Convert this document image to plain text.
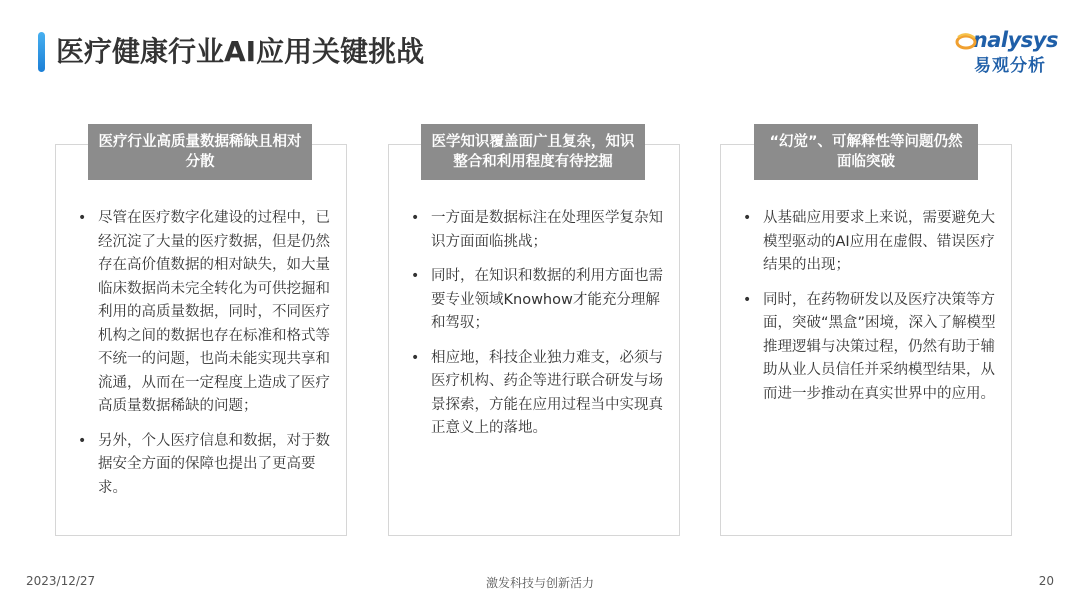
医疗健康行业AI应用关键挑战	nalysys
易观分析
• 尽管在医疗数字化建设的过程中，已经沉淀了大量的医疗数据，但是仍然存在高价值数据的相对缺失，如大量临床数据尚未完全转化为可供挖掘和利用的高质量数据，同时，不同医疗机构之间的数据也存在标准和格式等不统一的问题，也尚未能实现共享和流通，从而在一定程度上造成了医疗高质量数据稀缺的问题；
• 另外，个人医疗信息和数据，对于数据安全方面的保障也提出了更高要求。
医疗行业高质量数据稀缺且相对分散
• 一方面是数据标注在处理医学复杂知识方面面临挑战；
• 同时，在知识和数据的利用方面也需要专业领域Knowhow才能充分理解和驾驭；
• 相应地，科技企业独力难支，必须与医疗机构、药企等进行联合研发与场景探索，方能在应用过程当中实现真正意义上的落地。
医学知识覆盖面广且复杂，知识整合和利用程度有待挖掘
• 从基础应用要求上来说，需要避免大模型驱动的AI应用在虚假、错误医疗结果的出现；
• 同时，在药物研发以及医疗决策等方面，突破“黑盒”困境，深入了解模型推理逻辑与决策过程，仍然有助于辅助从业人员信任并采纳模型结果，从而进一步推动在真实世界中的应用。
“幻觉”、可解释性等问题仍然面临突破
2023/12/27	激发科技与创新活力	20
